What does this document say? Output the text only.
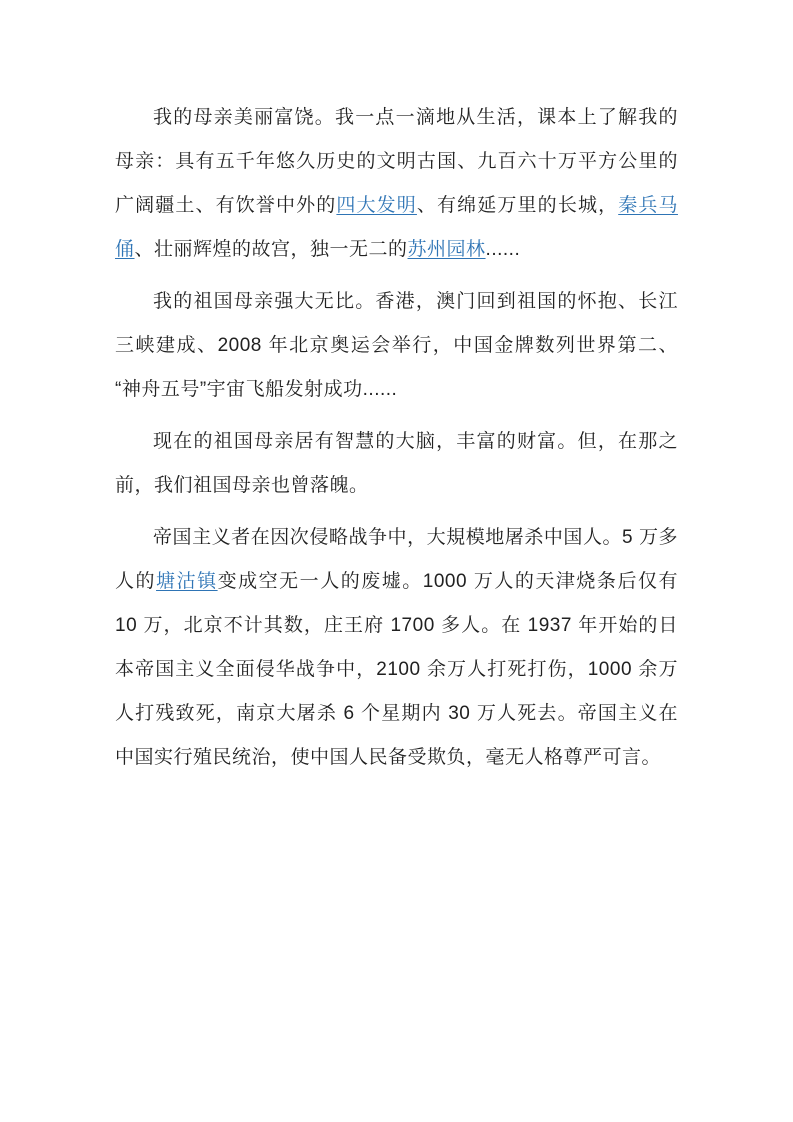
我的母亲美丽富饶。我一点一滴地从生活，课本上了解我的母亲：具有五千年悠久历史的文明古国、九百六十万平方公里的广阔疆土、有饮誉中外的四大发明、有绵延万里的长城，秦兵马俑、壮丽辉煌的故宫，独一无二的苏州园林......

我的祖国母亲强大无比。香港，澳门回到祖国的怀抱、长江三峡建成、2008 年北京奥运会举行，中国金牌数列世界第二、 “神舟五号”宇宙飞船发射成功......

现在的祖国母亲居有智慧的大脑，丰富的财富。但，在那之前，我们祖国母亲也曾落魄。

帝国主义者在因次侵略战争中，大規模地屠杀中国人。5 万多人的塘沽镇变成空无一人的废墟。1000 万人的天津烧条后仅有 10 万，北京不计其数，庄王府 1700 多人。在 1937 年开始的日本帝国主义全面侵华战争中，2100 余万人打死打伤，1000 余万人打残致死，南京大屠杀 6 个星期内 30 万人死去。帝国主义在中国实行殖民统治，使中国人民备受欺负，毫无人格尊严可言。
